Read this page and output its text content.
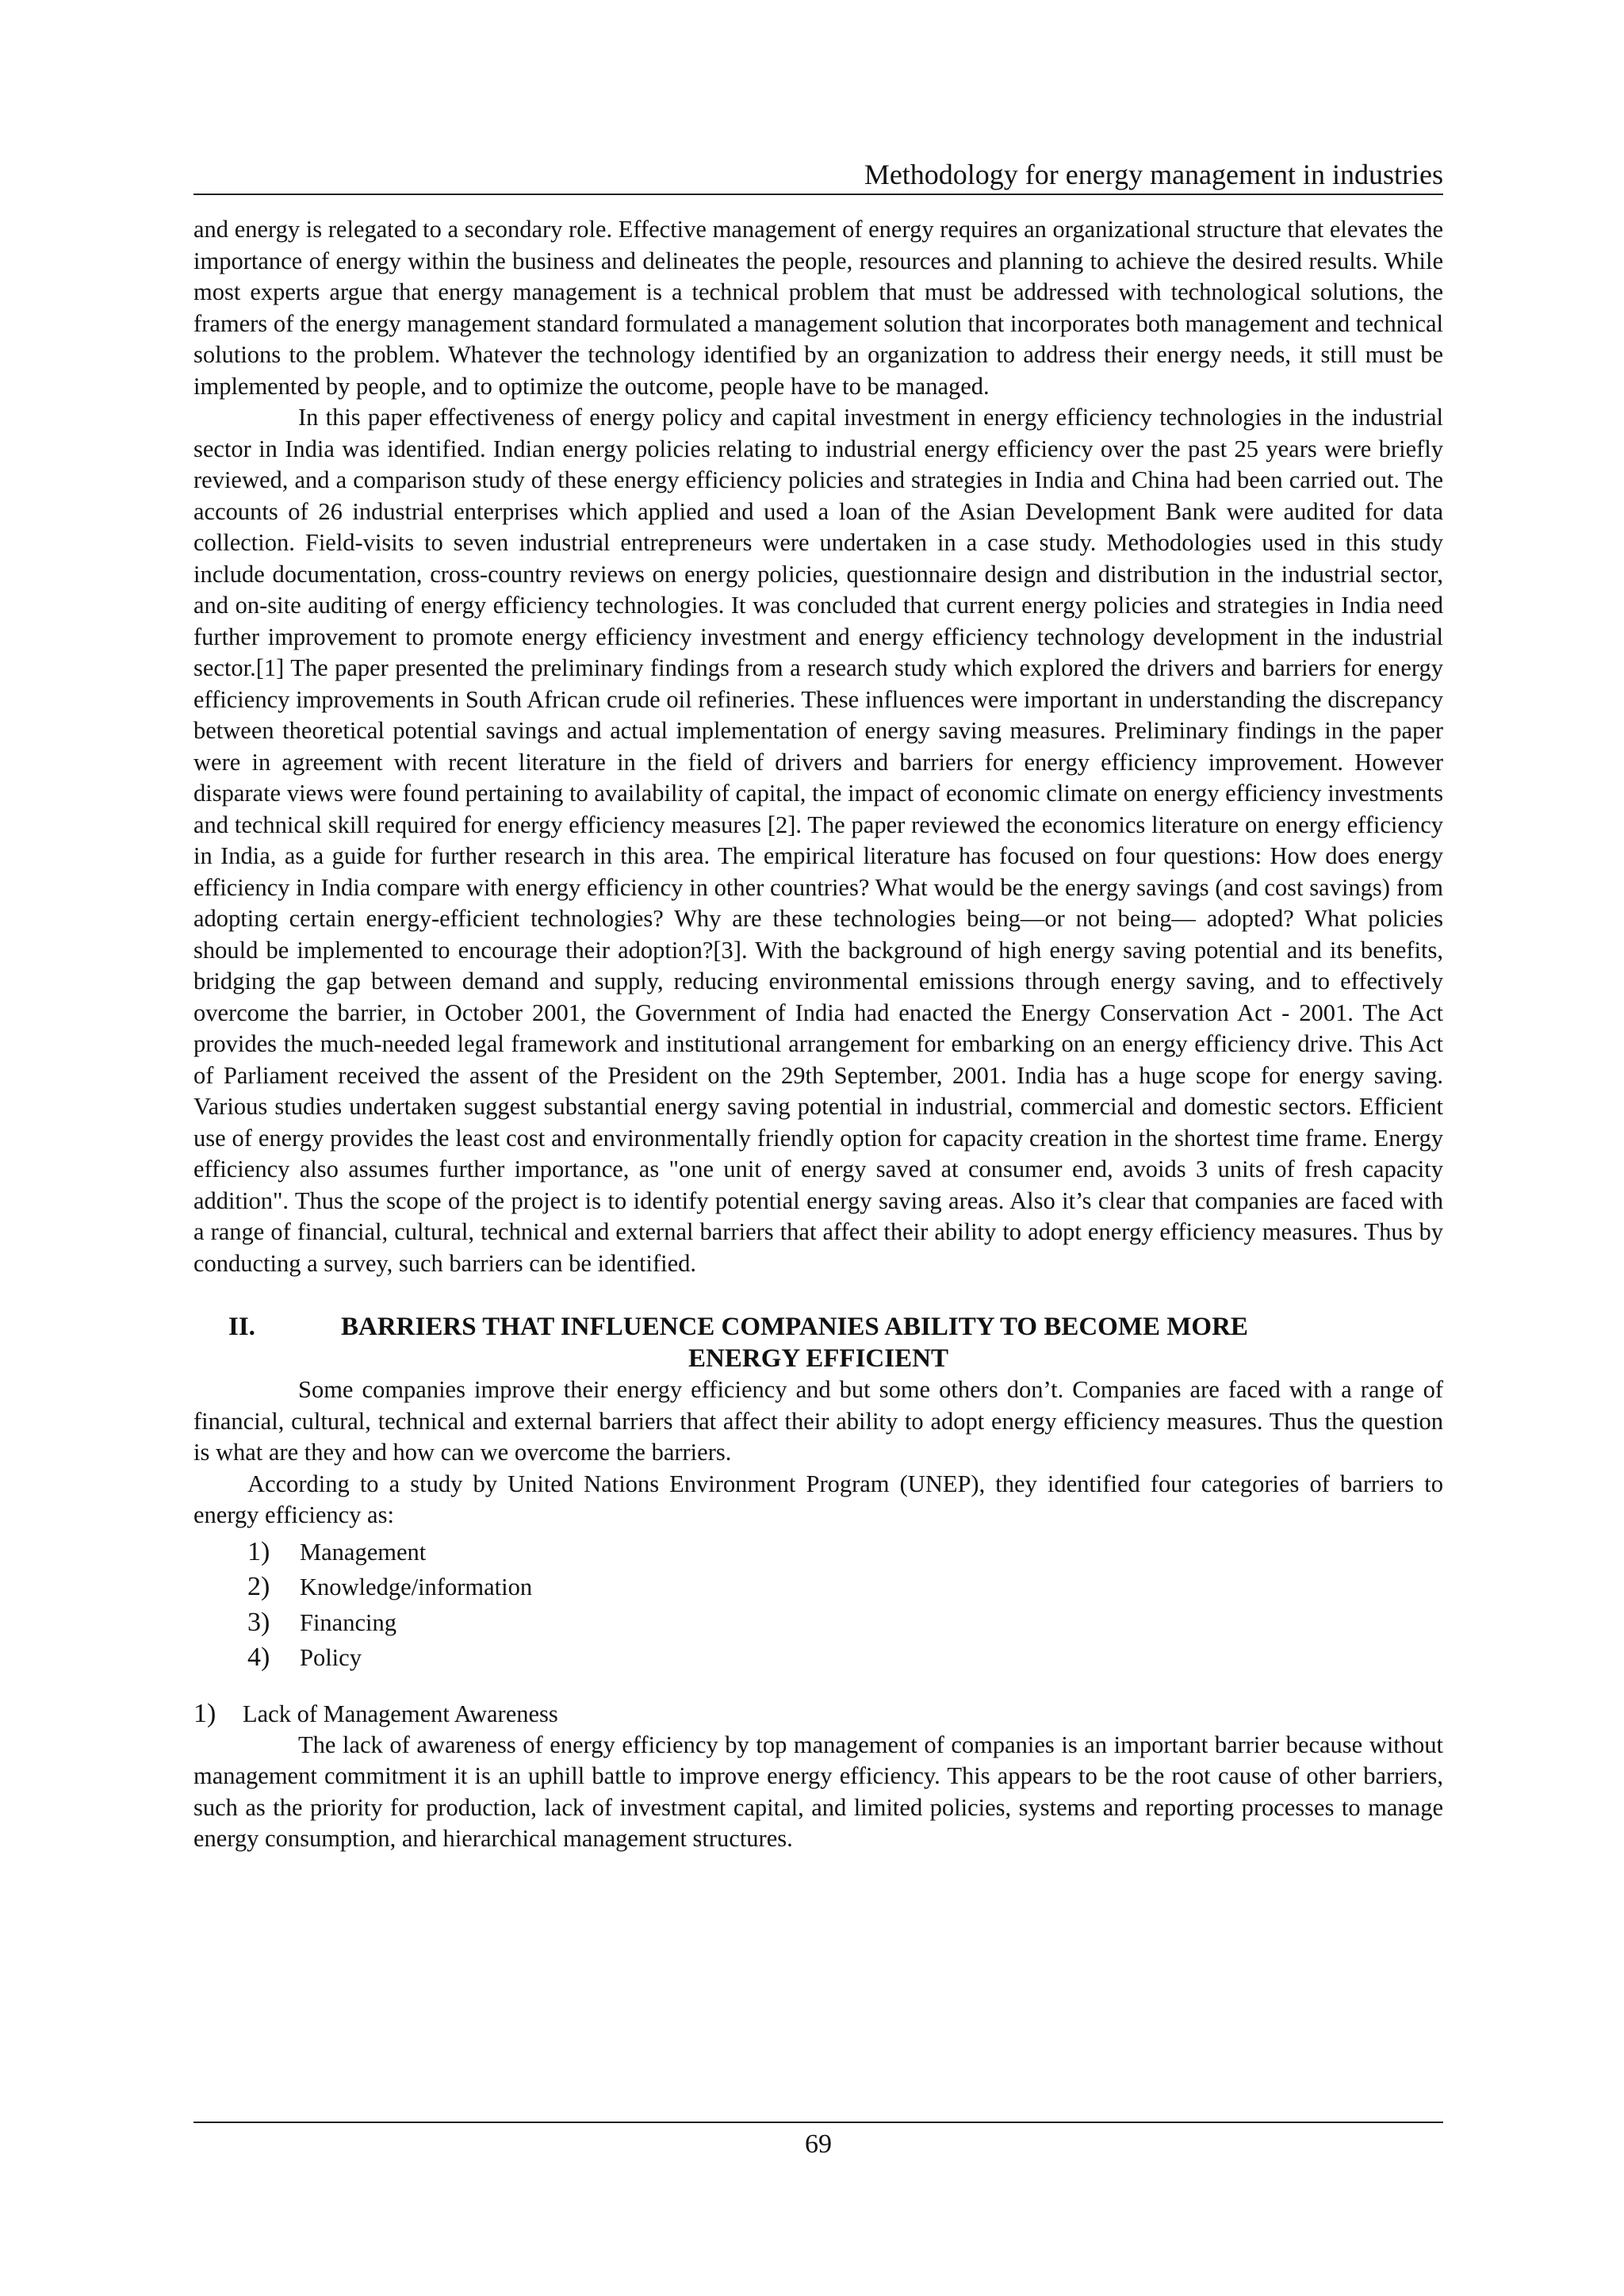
Methodology for energy management in industries

and energy is relegated to a secondary role. Effective management of energy requires an organizational structure that elevates the importance of energy within the business and delineates the people, resources and planning to achieve the desired results. While most experts argue that energy management is a technical problem that must be addressed with technological solutions, the framers of the energy management standard formulated a management solution that incorporates both management and technical solutions to the problem. Whatever the technology identified by an organization to address their energy needs, it still must be implemented by people, and to optimize the outcome, people have to be managed.

In this paper effectiveness of energy policy and capital investment in energy efficiency technologies in the industrial sector in India was identified. Indian energy policies relating to industrial energy efficiency over the past 25 years were briefly reviewed, and a comparison study of these energy efficiency policies and strategies in India and China had been carried out. The accounts of 26 industrial enterprises which applied and used a loan of the Asian Development Bank were audited for data collection. Field-visits to seven industrial entrepreneurs were undertaken in a case study. Methodologies used in this study include documentation, cross-country reviews on energy policies, questionnaire design and distribution in the industrial sector, and on-site auditing of energy efficiency technologies. It was concluded that current energy policies and strategies in India need further improvement to promote energy efficiency investment and energy efficiency technology development in the industrial sector.[1] The paper presented the preliminary findings from a research study which explored the drivers and barriers for energy efficiency improvements in South African crude oil refineries. These influences were important in understanding the discrepancy between theoretical potential savings and actual implementation of energy saving measures. Preliminary findings in the paper were in agreement with recent literature in the field of drivers and barriers for energy efficiency improvement. However disparate views were found pertaining to availability of capital, the impact of economic climate on energy efficiency investments and technical skill required for energy efficiency measures [2]. The paper reviewed the economics literature on energy efficiency in India, as a guide for further research in this area. The empirical literature has focused on four questions: How does energy efficiency in India compare with energy efficiency in other countries? What would be the energy savings (and cost savings) from adopting certain energy-efficient technologies? Why are these technologies being—or not being— adopted? What policies should be implemented to encourage their adoption?[3]. With the background of high energy saving potential and its benefits, bridging the gap between demand and supply, reducing environmental emissions through energy saving, and to effectively overcome the barrier, in October 2001, the Government of India had enacted the Energy Conservation Act - 2001. The Act provides the much-needed legal framework and institutional arrangement for embarking on an energy efficiency drive. This Act of Parliament received the assent of the President on the 29th September, 2001. India has a huge scope for energy saving. Various studies undertaken suggest substantial energy saving potential in industrial, commercial and domestic sectors. Efficient use of energy provides the least cost and environmentally friendly option for capacity creation in the shortest time frame. Energy efficiency also assumes further importance, as "one unit of energy saved at consumer end, avoids 3 units of fresh capacity addition". Thus the scope of the project is to identify potential energy saving areas. Also it’s clear that companies are faced with a range of financial, cultural, technical and external barriers that affect their ability to adopt energy efficiency measures. Thus by conducting a survey, such barriers can be identified.

II.	BARRIERS THAT INFLUENCE COMPANIES ABILITY TO BECOME MORE
ENERGY EFFICIENT

Some companies improve their energy efficiency and but some others don’t. Companies are faced with a range of financial, cultural, technical and external barriers that affect their ability to adopt energy efficiency measures. Thus the question is what are they and how can we overcome the barriers.

According to a study by United Nations Environment Program (UNEP), they identified four categories of barriers to energy efficiency as:

1)	Management
2)	Knowledge/information
3)	Financing
4)	Policy
1)	Lack of Management Awareness

The lack of awareness of energy efficiency by top management of companies is an important barrier because without management commitment it is an uphill battle to improve energy efficiency. This appears to be the root cause of other barriers, such as the priority for production, lack of investment capital, and limited policies, systems and reporting processes to manage energy consumption, and hierarchical management structures.

69
